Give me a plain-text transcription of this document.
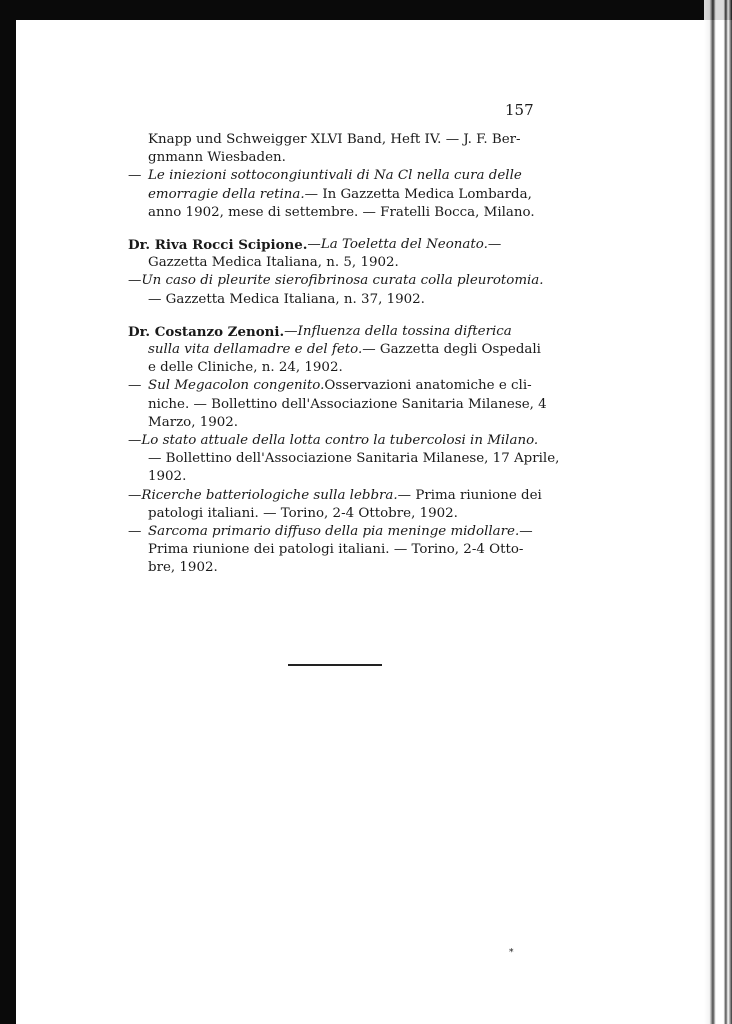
157
Knapp und Schweigger XLVI Band, Heft IV. — J. F. Ber-
gnmann Wiesbaden.
— Le iniezioni sottocongiuntivali di Na Cl nella cura delle
emorragie della retina. — In Gazzetta Medica Lombarda,
anno 1902, mese di settembre. — Fratelli Bocca, Milano.
Dr. Riva Rocci Scipione. — La Toeletta del Neonato. —
Gazzetta Medica Italiana, n. 5, 1902.
— Un caso di pleurite sierofibrinosa curata colla pleurotomia.
— Gazzetta Medica Italiana, n. 37, 1902.
Dr. Costanzo Zenoni. — Influenza della tossina difterica
sulla vita dellamadre e del feto. — Gazzetta degli Ospedali
e delle Cliniche, n. 24, 1902.
— Sul Megacolon congenito. Osservazioni anatomiche e cli-
niche. — Bollettino dell'Associazione Sanitaria Milanese, 4
Marzo, 1902.
— Lo stato attuale della lotta contro la tubercolosi in Milano.
— Bollettino dell'Associazione Sanitaria Milanese, 17 Aprile,
1902.
— Ricerche batteriologiche sulla lebbra. — Prima riunione dei
patologi italiani. — Torino, 2-4 Ottobre, 1902.
— Sarcoma primario diffuso della pia meninge midollare. —
Prima riunione dei patologi italiani. — Torino, 2-4 Otto-
bre, 1902.
*
